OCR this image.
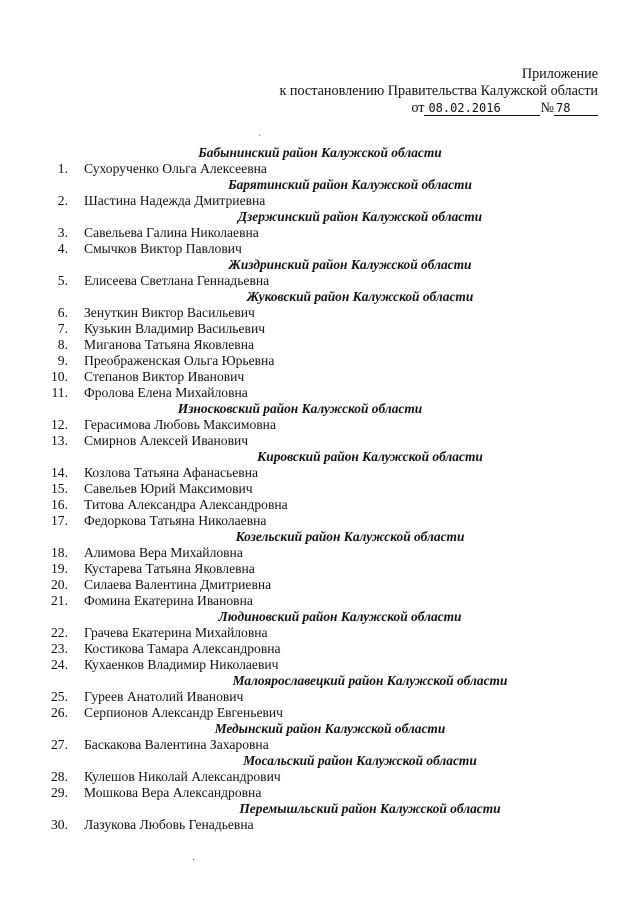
Приложение
к постановлению Правительства Калужской области
от 08.02.2016	№ 78
ˋ
·
Бабынинский район Калужской области
1. Сухорученко Ольга Алексеевна
Барятинский район Калужской области
2. Шастина Надежда Дмитриевна
Дзержинский район Калужской области
3. Савельева Галина Николаевна
4. Смычков Виктор Павлович
Жиздринский район Калужской области
5. Елисеева Светлана Геннадьевна
Жуковский район Калужской области
6. Зенуткин Виктор Васильевич
7. Кузькин Владимир Васильевич
8. Миганова Татьяна Яковлевна
9. Преображенская Ольга Юрьевна
10. Степанов Виктор Иванович
11. Фролова Елена Михайловна
Износковский район Калужской области
12. Герасимова Любовь Максимовна
13. Смирнов Алексей Иванович
Кировский район Калужской области
14. Козлова Татьяна Афанасьевна
15. Савельев Юрий Максимович
16. Титова Александра Александровна
17. Федоркова Татьяна Николаевна
Козельский район Калужской области
18. Алимова Вера Михайловна
19. Кустарева Татьяна Яковлевна
20. Силаева Валентина Дмитриевна
21. Фомина Екатерина Ивановна
Людиновский район Калужской области
22. Грачева Екатерина Михайловна
23. Костикова Тамара Александровна
24. Кухаенков Владимир Николаевич
Малоярославецкий район Калужской области
25. Гуреев Анатолий Иванович
26. Серпионов Александр Евгеньевич
Медынский район Калужской области
27. Баскакова Валентина Захаровна
Мосальский район Калужской области
28. Кулешов Николай Александрович
29. Мошкова Вера Александровна
Перемышльский район Калужской области
30. Лазукова Любовь Генадьевна
